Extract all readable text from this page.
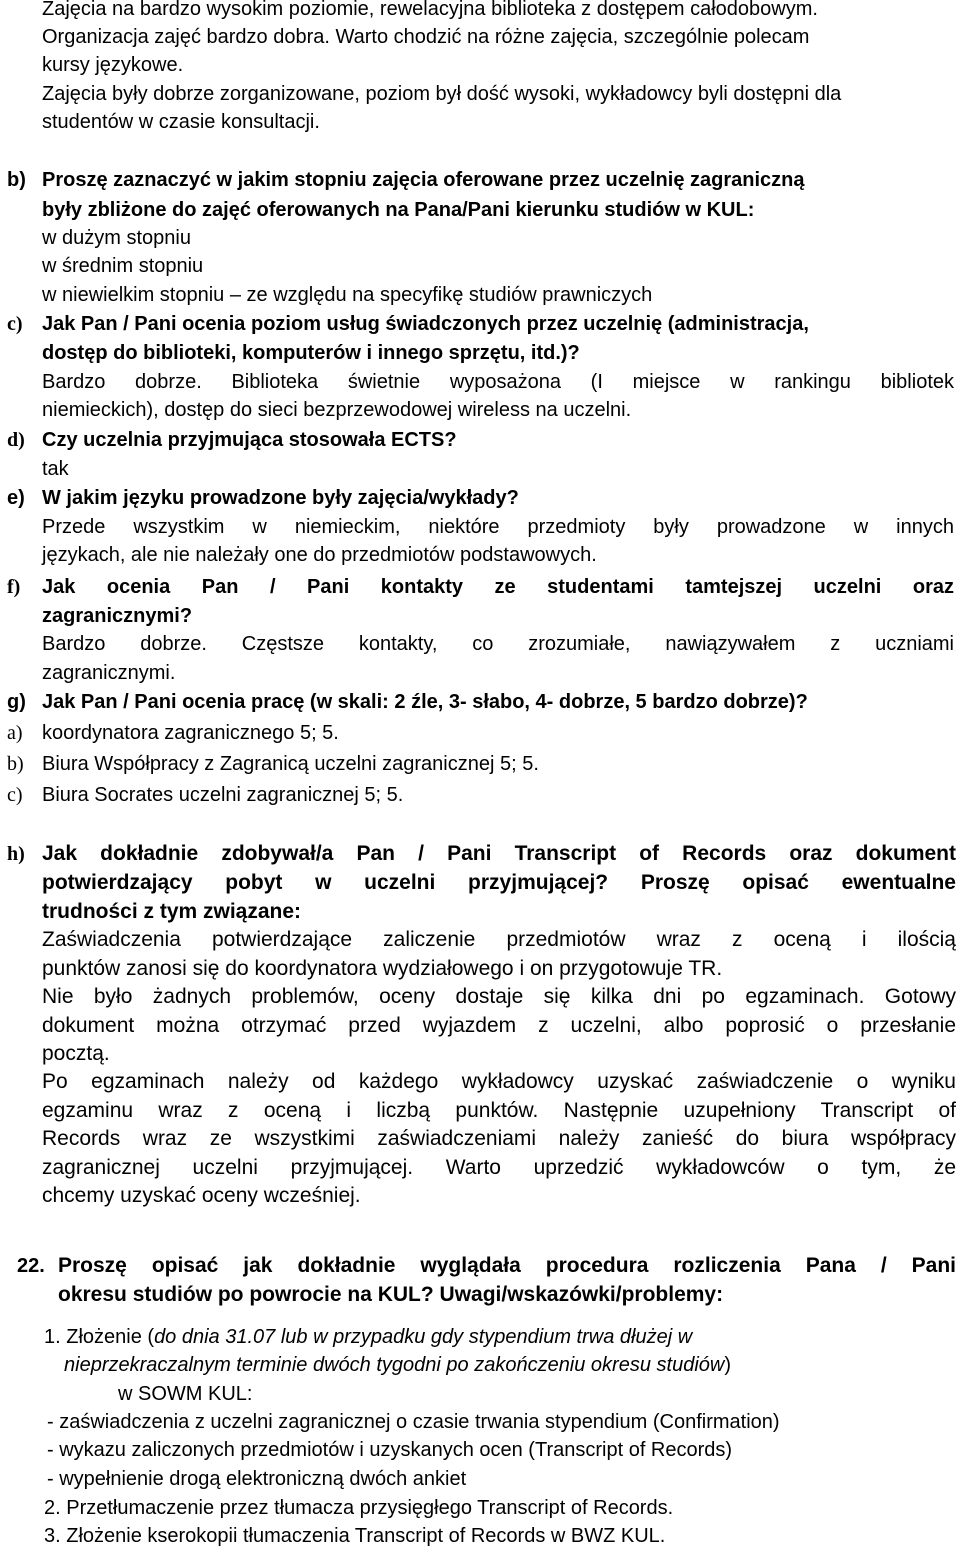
Zajęcia na bardzo wysokim poziomie, rewelacyjna biblioteka z dostępem całodobowym.
Organizacja zajęć bardzo dobra. Warto chodzić na różne zajęcia, szczególnie polecam
kursy językowe.
Zajęcia były dobrze zorganizowane, poziom był dość wysoki, wykładowcy byli dostępni dla
studentów w czasie konsultacji.
b) Proszę zaznaczyć w jakim stopniu zajęcia oferowane przez uczelnię zagraniczną
były zbliżone do zajęć oferowanych na Pana/Pani kierunku studiów w KUL:
w dużym stopniu
w średnim stopniu
w niewielkim stopniu – ze względu na specyfikę studiów prawniczych
c) Jak Pan / Pani ocenia poziom usług świadczonych przez uczelnię (administracja,
dostęp do biblioteki, komputerów i innego sprzętu, itd.)?
Bardzo dobrze. Biblioteka świetnie wyposażona (I miejsce w rankingu bibliotek
niemieckich), dostęp do sieci bezprzewodowej wireless na uczelni.
d) Czy uczelnia przyjmująca stosowała ECTS?
tak
e) W jakim języku prowadzone były zajęcia/wykłady?
Przede wszystkim w niemieckim, niektóre przedmioty były prowadzone w innych
językach, ale nie należały one do przedmiotów podstawowych.
f) Jak ocenia Pan / Pani kontakty ze studentami tamtejszej uczelni oraz
zagranicznymi?
Bardzo dobrze. Częstsze kontakty, co zrozumiałe, nawiązywałem z uczniami
zagranicznymi.
g) Jak Pan / Pani ocenia pracę (w skali: 2 źle, 3- słabo, 4- dobrze, 5 bardzo dobrze)?
a) koordynatora zagranicznego 5; 5.
b) Biura Współpracy z Zagranicą uczelni zagranicznej 5; 5.
c) Biura Socrates uczelni zagranicznej 5; 5.
h) Jak dokładnie zdobywał/a Pan / Pani Transcript of Records oraz dokument
potwierdzający pobyt w uczelni przyjmującej? Proszę opisać ewentualne
trudności z tym związane:
Zaświadczenia potwierdzające zaliczenie przedmiotów wraz z oceną i ilością
punktów zanosi się do koordynatora wydziałowego i on przygotowuje TR.
Nie było żadnych problemów, oceny dostaje się kilka dni po egzaminach. Gotowy
dokument można otrzymać przed wyjazdem z uczelni, albo poprosić o przesłanie
pocztą.
Po egzaminach należy od każdego wykładowcy uzyskać zaświadczenie o wyniku
egzaminu wraz z oceną i liczbą punktów. Następnie uzupełniony Transcript of
Records wraz ze wszystkimi zaświadczeniami należy zanieść do biura współpracy
zagranicznej uczelni przyjmującej. Warto uprzedzić wykładowców o tym, że
chcemy uzyskać oceny wcześniej.
22. Proszę opisać jak dokładnie wyglądała procedura rozliczenia Pana / Pani
okresu studiów po powrocie na KUL? Uwagi/wskazówki/problemy:
1. Złożenie (do dnia 31.07 lub w przypadku gdy stypendium trwa dłużej w
nieprzekraczalnym terminie dwóch tygodni po zakończeniu okresu studiów)
w SOWM KUL:
- zaświadczenia z uczelni zagranicznej o czasie trwania stypendium (Confirmation)
- wykazu zaliczonych przedmiotów i uzyskanych ocen (Transcript of Records)
- wypełnienie drogą elektroniczną dwóch ankiet
2. Przetłumaczenie przez tłumacza przysięgłego Transcript of Records.
3. Złożenie kserokopii tłumaczenia Transcript of Records w BWZ KUL.
